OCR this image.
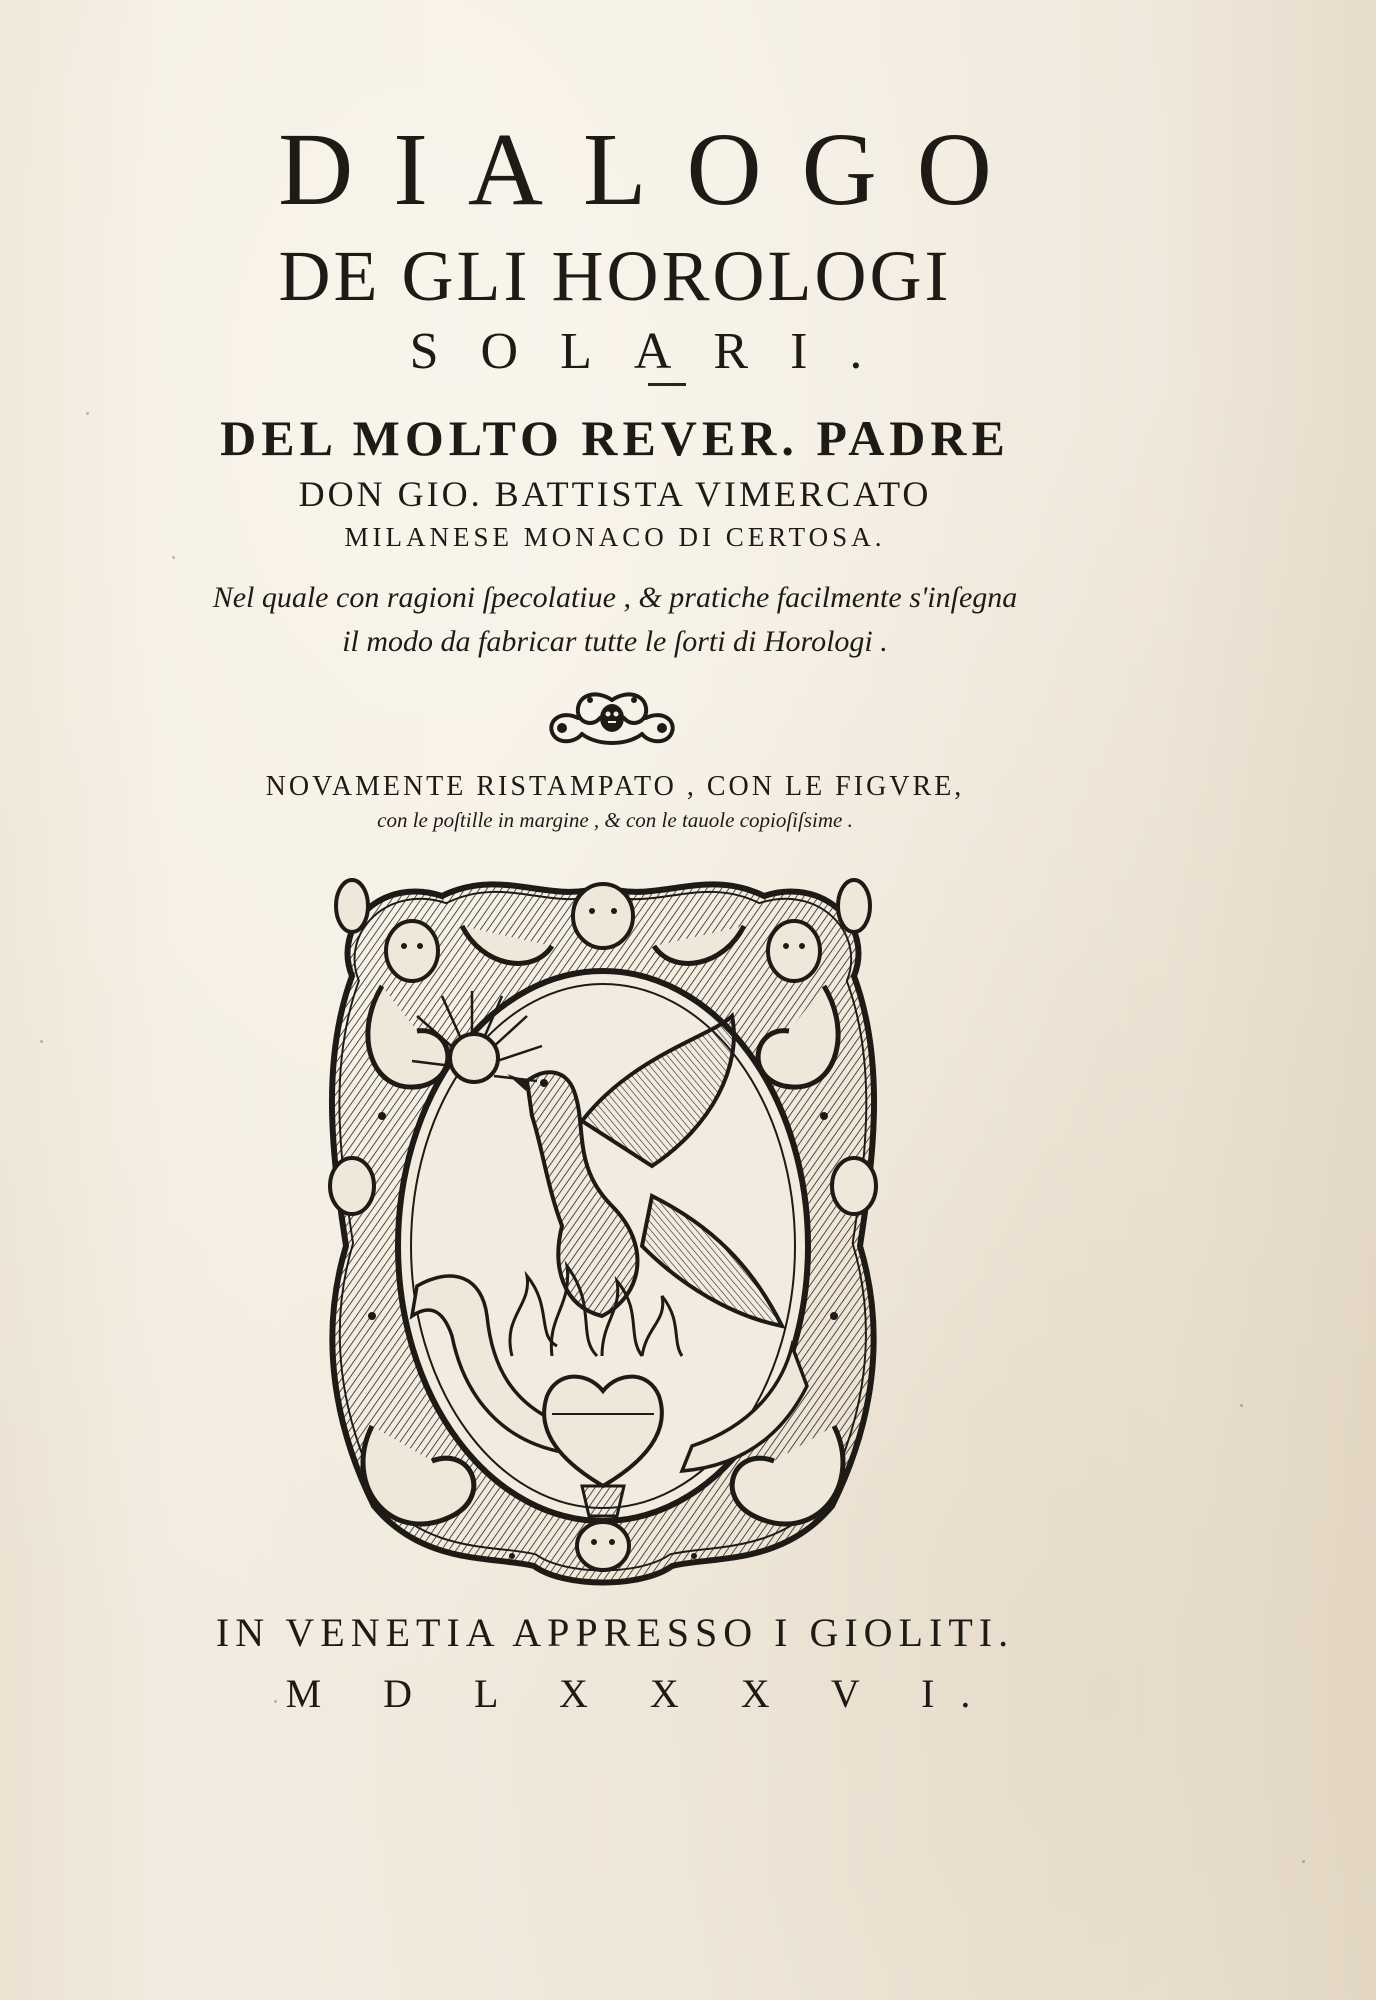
DIALOGO
DE GLI HOROLOGI
SOLARI.
DEL MOLTO REVER. PADRE
DON GIO. BATTISTA VIMERCATO
MILANESE MONACO DI CERTOSA.
Nel quale con ragioni ſpecolatiue , & pratiche facilmente s'inſegna
il modo da fabricar tutte le ſorti di Horologi .
NOVAMENTE RISTAMPATO , CON LE FIGVRE,
con le poſtille in margine , & con le tauole copioſiſsime .
IN VENETIA APPRESSO I GIOLITI.
M D L X X X V I.
